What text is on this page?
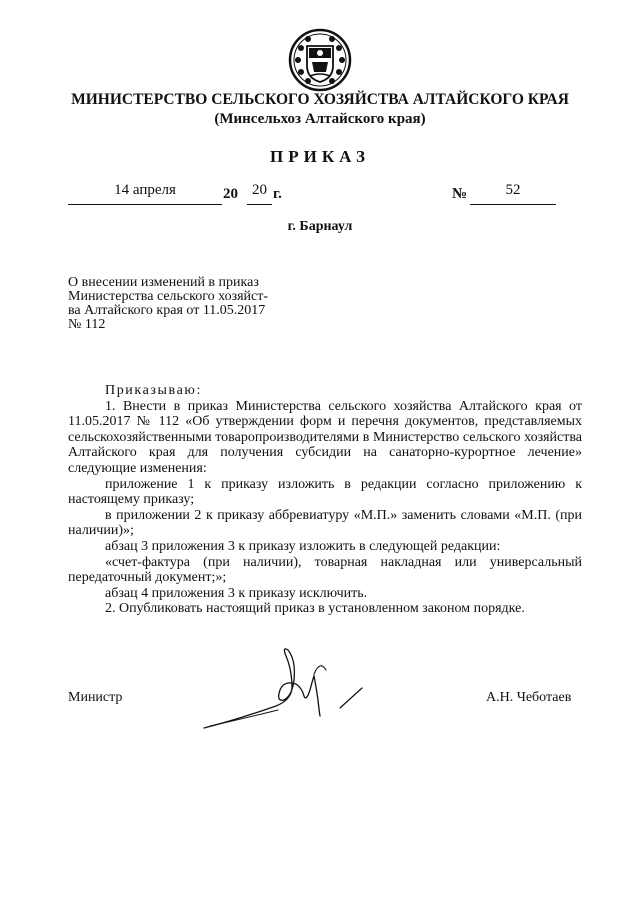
МИНИСТЕРСТВО СЕЛЬСКОГО ХОЗЯЙСТВА АЛТАЙСКОГО КРАЯ
(Минсельхоз Алтайского края)
ПРИКАЗ
14 апреля	20 20 г.	№	52
г. Барнаул
О внесении изменений в приказ
Министерства сельского хозяйст-
ва Алтайского края от 11.05.2017
№ 112

Приказываю:

1. Внести в приказ Министерства сельского хозяйства Алтайского края от 11.05.2017 № 112 «Об утверждении форм и перечня документов, представляемых сельскохозяйственными товаропроизводителями в Министерство сельского хозяйства Алтайского края для получения субсидии на санаторно-курортное лечение» следующие изменения:

приложение 1 к приказу изложить в редакции согласно приложению к настоящему приказу;

в приложении 2 к приказу аббревиатуру «М.П.» заменить словами «М.П. (при наличии)»;

абзац 3 приложения 3 к приказу изложить в следующей редакции:

«счет-фактура (при наличии), товарная накладная или универсальный передаточный документ;»;

абзац 4 приложения 3 к приказу исключить.

2. Опубликовать настоящий приказ в установленном законом порядке.

Министр	А.Н. Чеботаев
